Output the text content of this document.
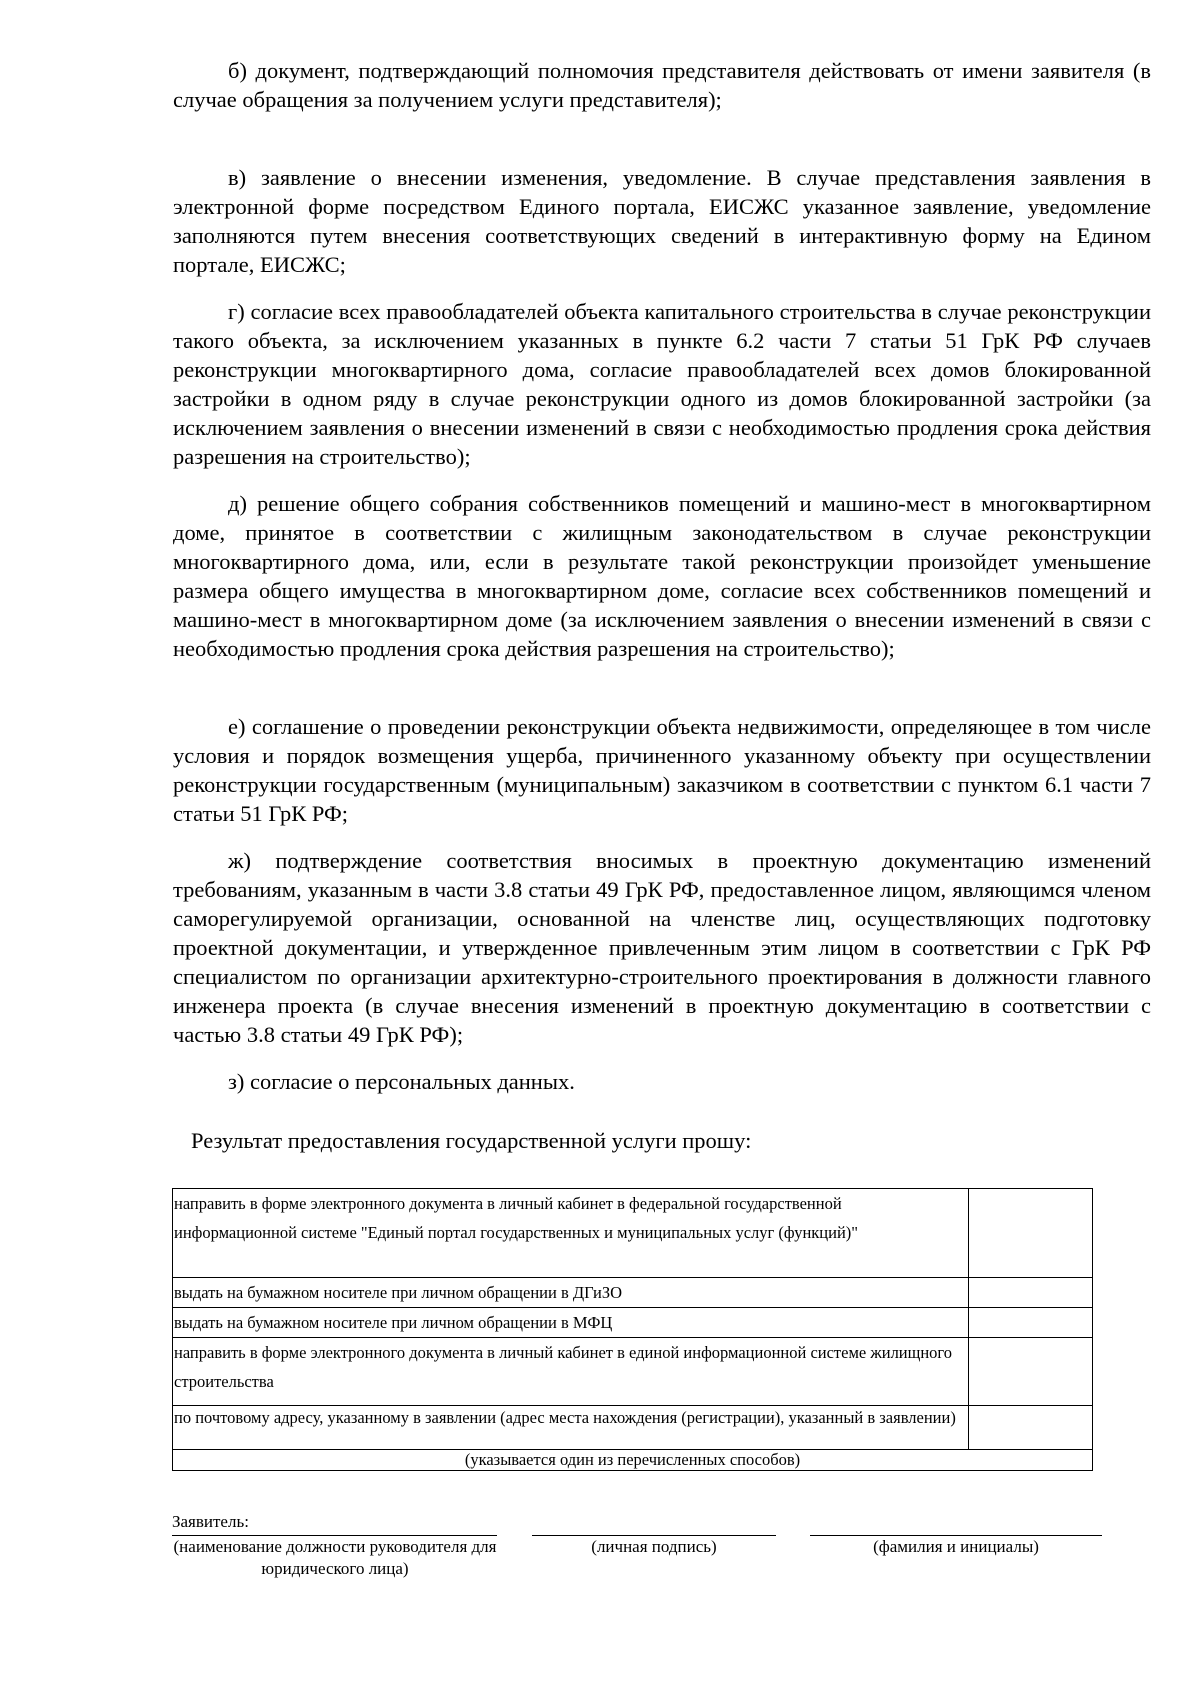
б) документ, подтверждающий полномочия представителя действовать от имени заявителя (в случае обращения за получением услуги представителя);

в) заявление о внесении изменения, уведомление. В случае представления заявления в электронной форме посредством Единого портала, ЕИСЖС указанное заявление, уведомление заполняются путем внесения соответствующих сведений в интерактивную форму на Едином портале, ЕИСЖС;

г) согласие всех правообладателей объекта капитального строительства в случае реконструкции такого объекта, за исключением указанных в пункте 6.2 части 7 статьи 51 ГрК РФ случаев реконструкции многоквартирного дома, согласие правообладателей всех домов блокированной застройки в одном ряду в случае реконструкции одного из домов блокированной застройки (за исключением заявления о внесении изменений в связи с необходимостью продления срока действия разрешения на строительство);

д) решение общего собрания собственников помещений и машино-мест в многоквартирном доме, принятое в соответствии с жилищным законодательством в случае реконструкции многоквартирного дома, или, если в результате такой реконструкции произойдет уменьшение размера общего имущества в многоквартирном доме, согласие всех собственников помещений и машино-мест в многоквартирном доме (за исключением заявления о внесении изменений в связи с необходимостью продления срока действия разрешения на строительство);

е) соглашение о проведении реконструкции объекта недвижимости, определяющее в том числе условия и порядок возмещения ущерба, причиненного указанному объекту при осуществлении реконструкции государственным (муниципальным) заказчиком в соответствии с пунктом 6.1 части 7 статьи 51 ГрК РФ;

ж) подтверждение соответствия вносимых в проектную документацию изменений требованиям, указанным в части 3.8 статьи 49 ГрК РФ, предоставленное лицом, являющимся членом саморегулируемой организации, основанной на членстве лиц, осуществляющих подготовку проектной документации, и утвержденное привлеченным этим лицом в соответствии с ГрК РФ специалистом по организации архитектурно-строительного проектирования в должности главного инженера проекта (в случае внесения изменений в проектную документацию в соответствии с частью 3.8 статьи 49 ГрК РФ);

з) согласие о персональных данных.

Результат предоставления государственной услуги прошу:

направить в форме электронного документа в личный кабинет в федеральной государственной информационной системе "Единый портал государственных и муниципальных услуг (функций)"	
выдать на бумажном носителе при личном обращении в ДГиЗО	
выдать на бумажном носителе при личном обращении в МФЦ	
направить в форме электронного документа в личный кабинет в единой информационной системе жилищного строительства	
по почтовому адресу, указанному в заявлении (адрес места нахождения (регистрации), указанный в заявлении)	
(указывается один из перечисленных способов)	
Заявитель:
(наименование должности руководителя для юридического лица)
(личная подпись)	(фамилия и инициалы)
